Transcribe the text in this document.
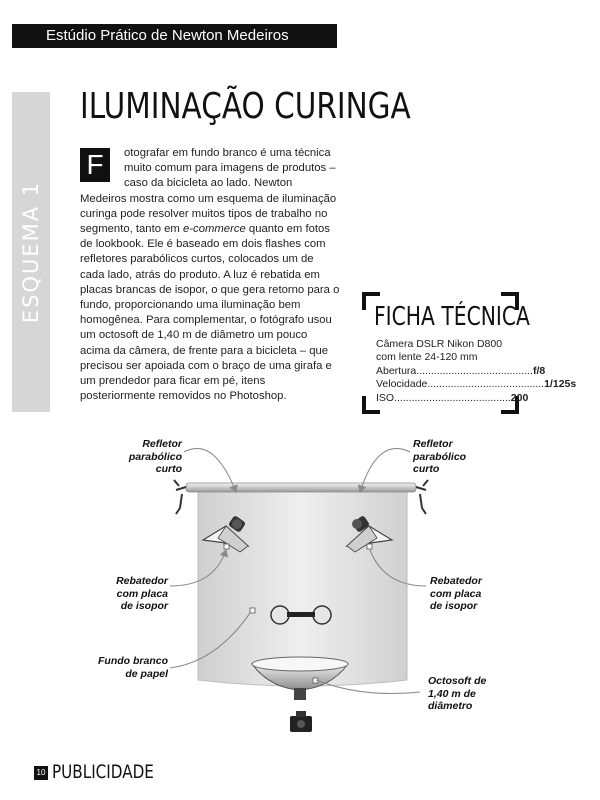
Estúdio Prático de Newton Medeiros
ESQUEMA 1
ILUMINAÇÃO CURINGA
F	otografar em fundo branco é uma técnica muito comum para imagens de produtos – caso da bicicleta ao lado. Newton Medeiros mostra como um esquema de iluminação curinga pode resolver muitos tipos de trabalho no segmento, tanto em e-commerce quanto em fotos de lookbook. Ele é baseado em dois flashes com refletores parabólicos curtos, colocados um de cada lado, atrás do produto. A luz é rebatida em placas brancas de isopor, o que gera retorno para o fundo, proporcionando uma iluminação bem homogênea. Para complementar, o fotógrafo usou um octosoft de 1,40 m de diâmetro um pouco acima da câmera, de frente para a bicicleta – que precisou ser apoiada com o braço de uma girafa e um prendedor para ficar em pé, itens posteriormente removidos no Photoshop.
FICHA TÉCNICA
Câmera DSLR Nikon D800
com lente 24-120 mm
Abertura ........................................ f/8
Velocidade ........................................ 1/125s
ISO ........................................ 200
Refletor
parabólico
curto
Refletor
parabólico
curto
Rebatedor
com placa
de isopor
Rebatedor
com placa
de isopor
Fundo branco
de papel
Octosoft de
1,40 m de
diâmetro
10 PUBLICIDADE
